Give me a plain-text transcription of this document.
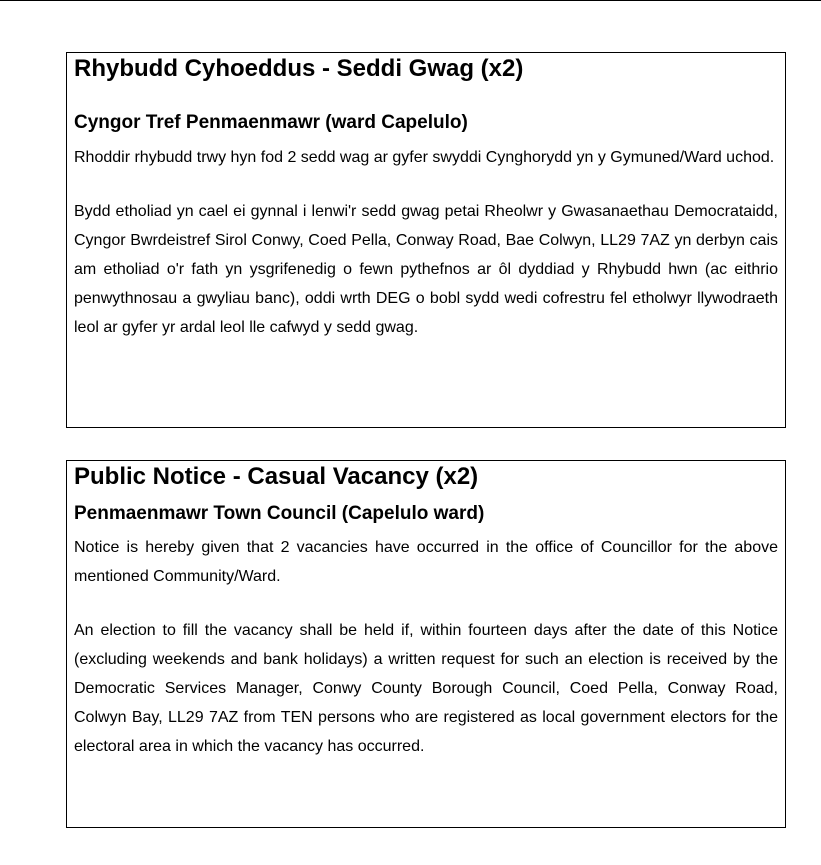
Rhybudd Cyhoeddus - Seddi Gwag (x2)
Cyngor Tref Penmaenmawr (ward Capelulo)

Rhoddir rhybudd trwy hyn fod 2 sedd wag ar gyfer swyddi Cynghorydd yn y Gymuned/Ward uchod.

Bydd etholiad yn cael ei gynnal i lenwi'r sedd gwag petai Rheolwr y Gwasanaethau Democrataidd, Cyngor Bwrdeistref Sirol Conwy, Coed Pella, Conway Road, Bae Colwyn, LL29 7AZ yn derbyn cais am etholiad o'r fath yn ysgrifenedig o fewn pythefnos ar ôl dyddiad y Rhybudd hwn (ac eithrio penwythnosau a gwyliau banc), oddi wrth DEG o bobl sydd wedi cofrestru fel etholwyr llywodraeth leol ar gyfer yr ardal leol lle cafwyd y sedd gwag.

Public Notice - Casual Vacancy (x2)
Penmaenmawr Town Council (Capelulo ward)

Notice is hereby given that 2 vacancies have occurred in the office of Councillor for the above mentioned Community/Ward.

An election to fill the vacancy shall be held if, within fourteen days after the date of this Notice (excluding weekends and bank holidays) a written request for such an election is received by the Democratic Services Manager, Conwy County Borough Council, Coed Pella, Conway Road, Colwyn Bay, LL29 7AZ from TEN persons who are registered as local government electors for the electoral area in which the vacancy has occurred.
